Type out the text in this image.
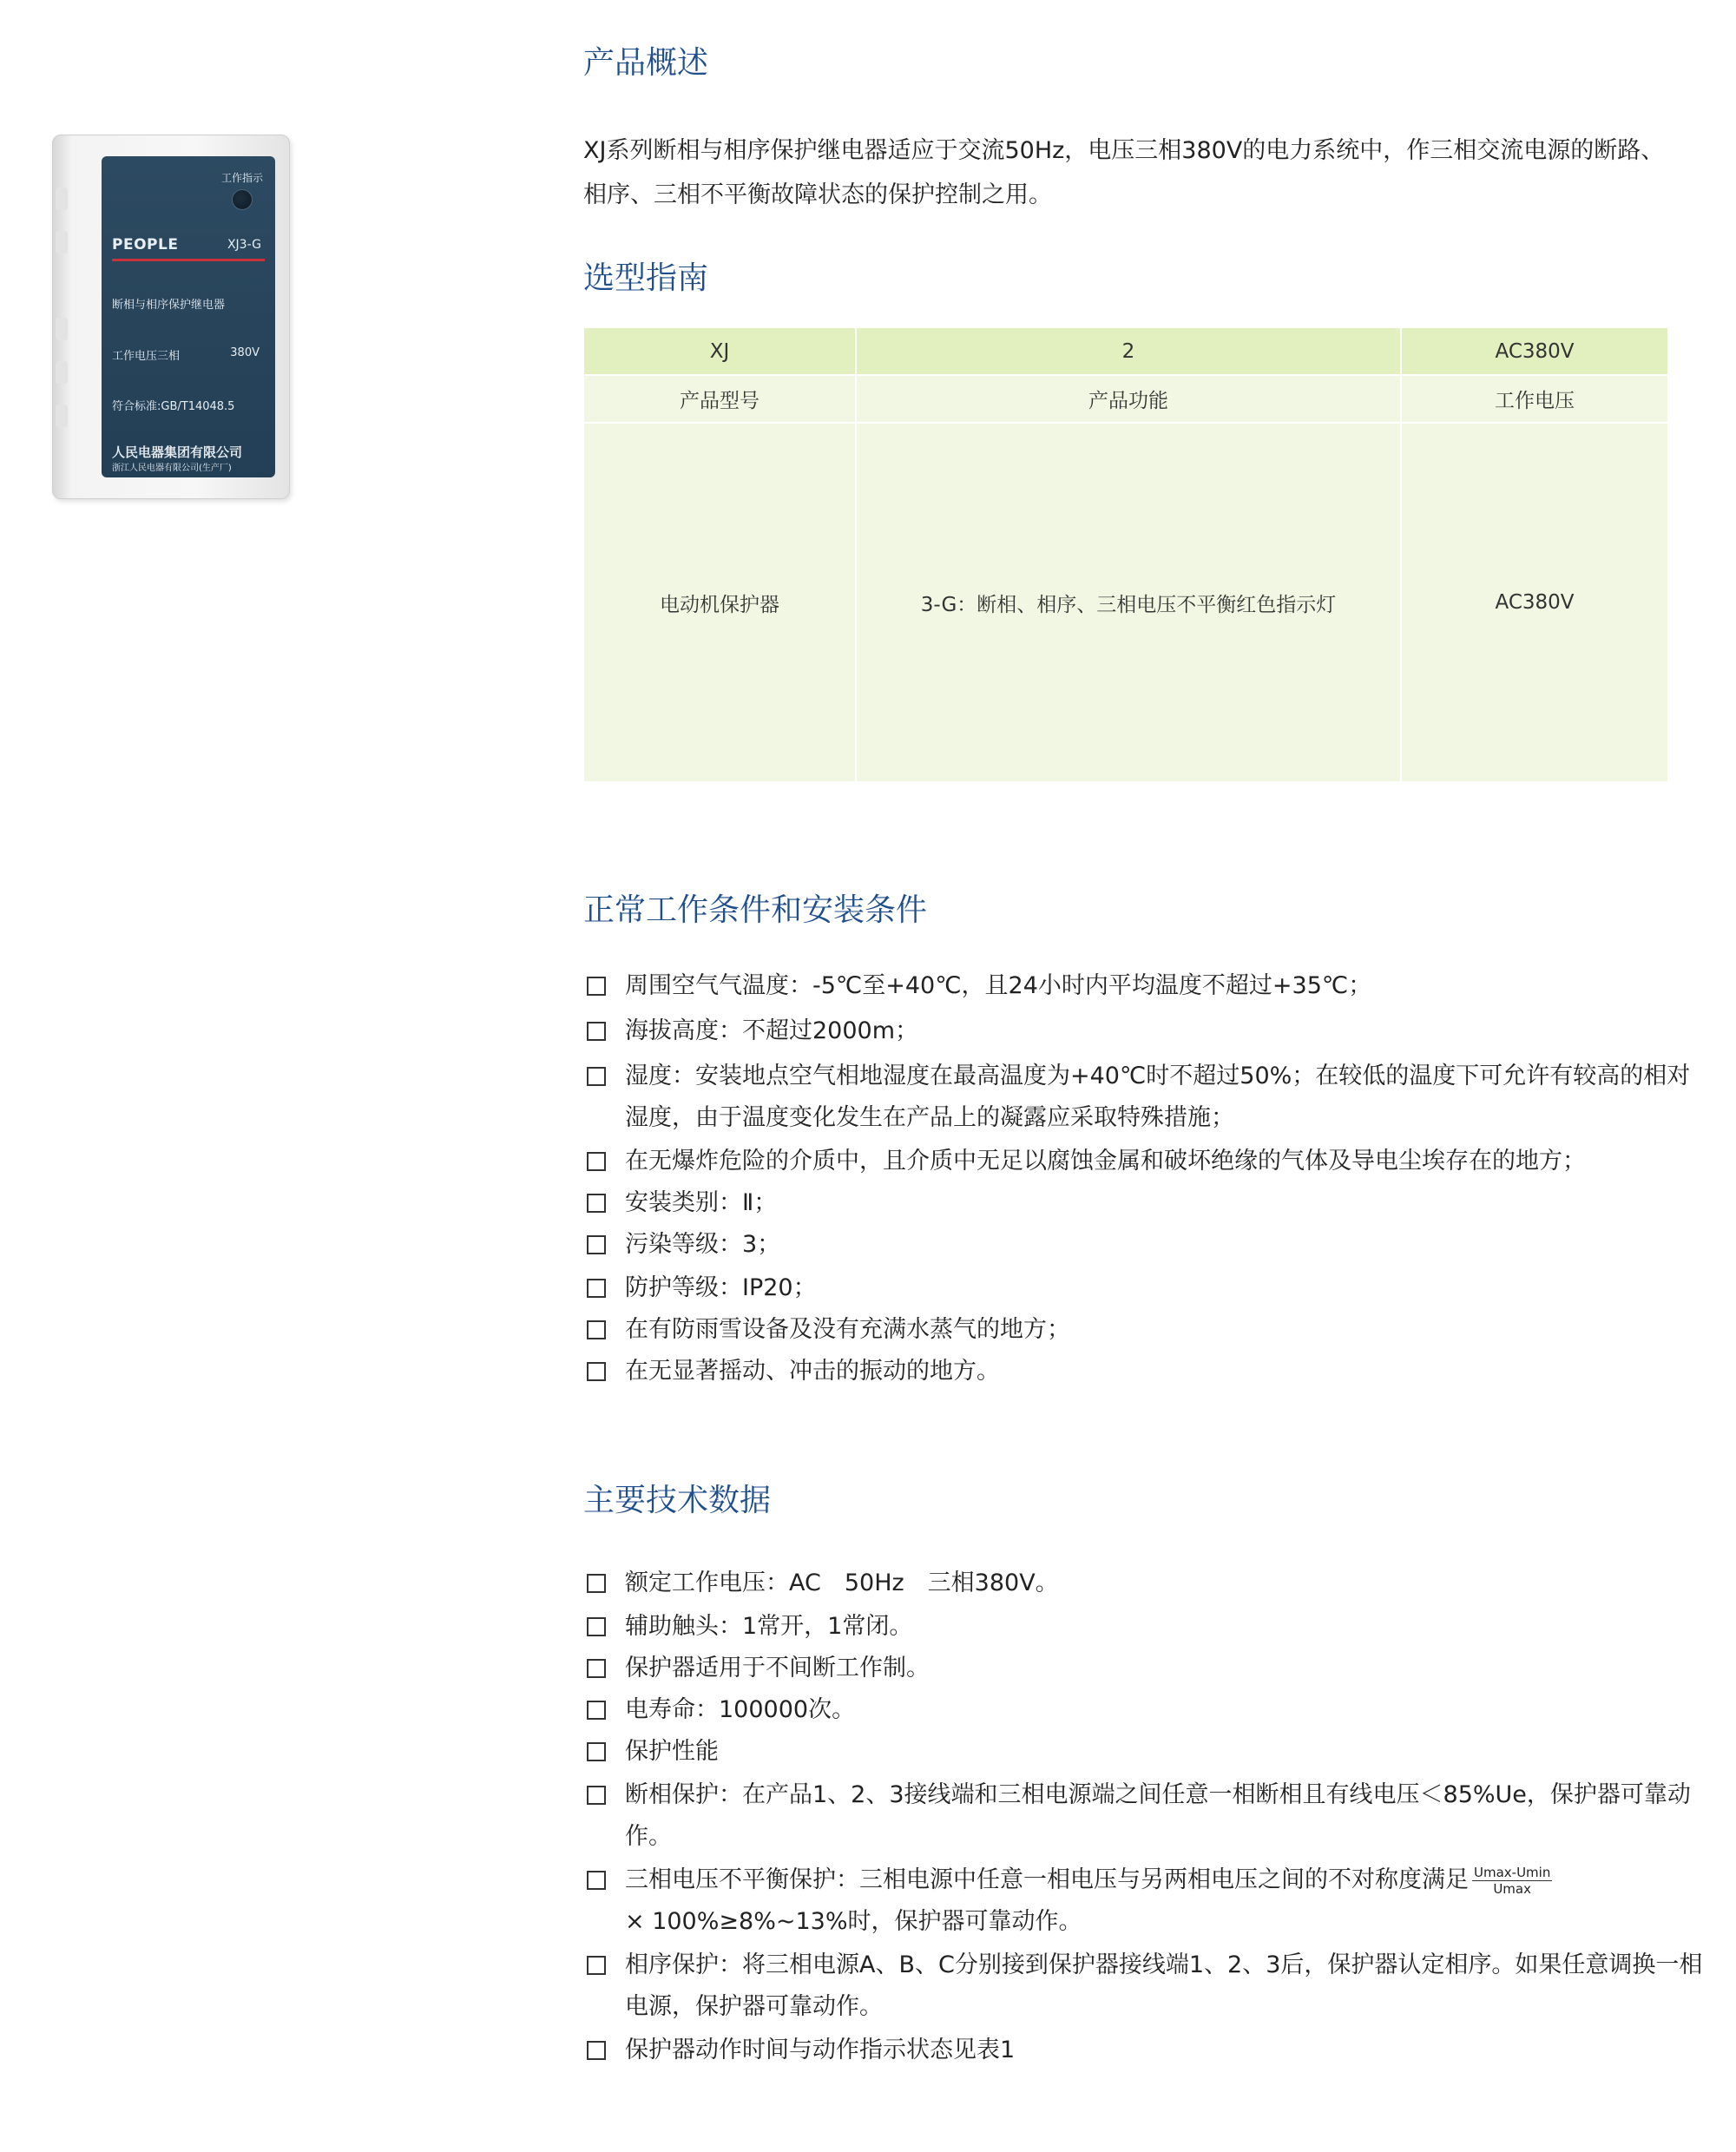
工作指示
PEOPLE	XJ3-G
断相与相序保护继电器
工作电压三相	380V
符合标准:GB/T14048.5
人民电器集团有限公司
浙江人民电器有限公司(生产厂)
产品概述
XJ系列断相与相序保护继电器适应于交流50Hz，电压三相380V的电力系统中，作三相交流电源的断路、相序、三相不平衡故障状态的保护控制之用。
选型指南
XJ	2	AC380V
产品型号	产品功能	工作电压
电动机保护器	3-G：断相、相序、三相电压不平衡红色指示灯	AC380V
正常工作条件和安装条件
周围空气气温度：-5℃至+40℃，且24小时内平均温度不超过+35℃；
海拔高度：不超过2000m；
湿度：安装地点空气相地湿度在最高温度为+40℃时不超过50%；在较低的温度下可允许有较高的相对湿度，由于温度变化发生在产品上的凝露应采取特殊措施；
在无爆炸危险的介质中，且介质中无足以腐蚀金属和破坏绝缘的气体及导电尘埃存在的地方；
安装类别：Ⅱ；
污染等级：3；
防护等级：IP20；
在有防雨雪设备及没有充满水蒸气的地方；
在无显著摇动、冲击的振动的地方。
主要技术数据
额定工作电压：AC　50Hz　三相380V。
辅助触头：1常开，1常闭。
保护器适用于不间断工作制。
电寿命：100000次。
保护性能
断相保护：在产品1、2、3接线端和三相电源端之间任意一相断相且有线电压＜85%Ue，保护器可靠动作。
三相电压不平衡保护：三相电源中任意一相电压与另两相电压之间的不对称度满足 $\frac{Umax-Umin}{Umax}$

× 100%≥8%~13%时，保护器可靠动作。
相序保护：将三相电源A、B、C分别接到保护器接线端1、2、3后，保护器认定相序。如果任意调换一相电源，保护器可靠动作。
保护器动作时间与动作指示状态见表1
